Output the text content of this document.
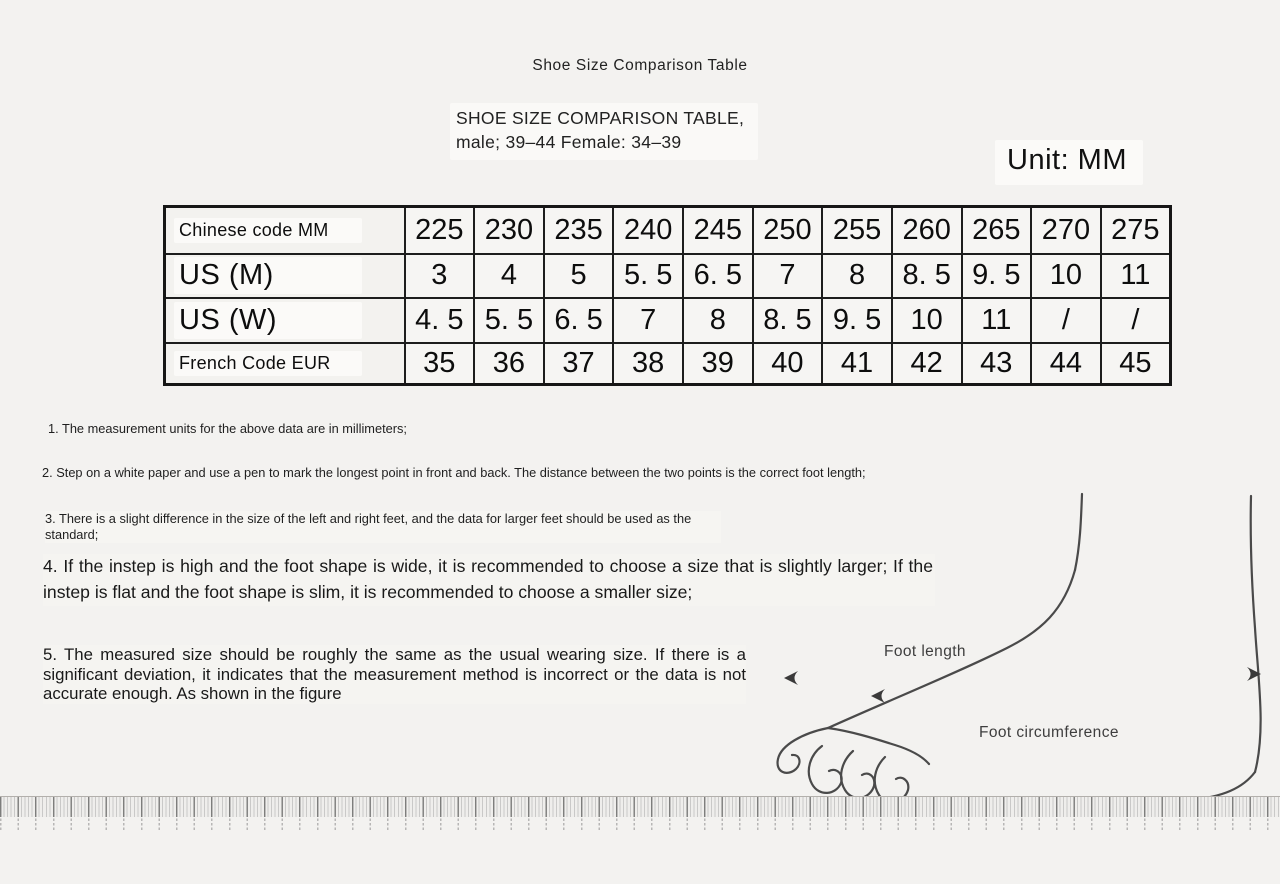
Shoe Size Comparison Table
SHOE SIZE COMPARISON TABLE,
male; 39–44 Female: 34–39
Unit: MM
Chinese code MM	225	230	235	240	245	250	255	260	265	270	275
US (M)	3	4	5	5. 5	6. 5	7	8	8. 5	9. 5	10	11
US (W)	4. 5	5. 5	6. 5	7	8	8. 5	9. 5	10	11	/	/
French Code EUR	35	36	37	38	39	40	41	42	43	44	45
1. The measurement units for the above data are in millimeters;
2. Step on a white paper and use a pen to mark the longest point in front and back. The distance between the two points is the correct foot length;
3. There is a slight difference in the size of the left and right feet, and the data for larger feet should be used as the standard;
4. If the instep is high and the foot shape is wide, it is recommended to choose a size that is slightly larger; If the instep is flat and the foot shape is slim, it is recommended to choose a smaller size;
5. The measured size should be roughly the same as the usual wearing size. If there is a significant deviation, it indicates that the measurement method is incorrect or the data is not accurate enough. As shown in the figure
Foot length
Foot circumference
